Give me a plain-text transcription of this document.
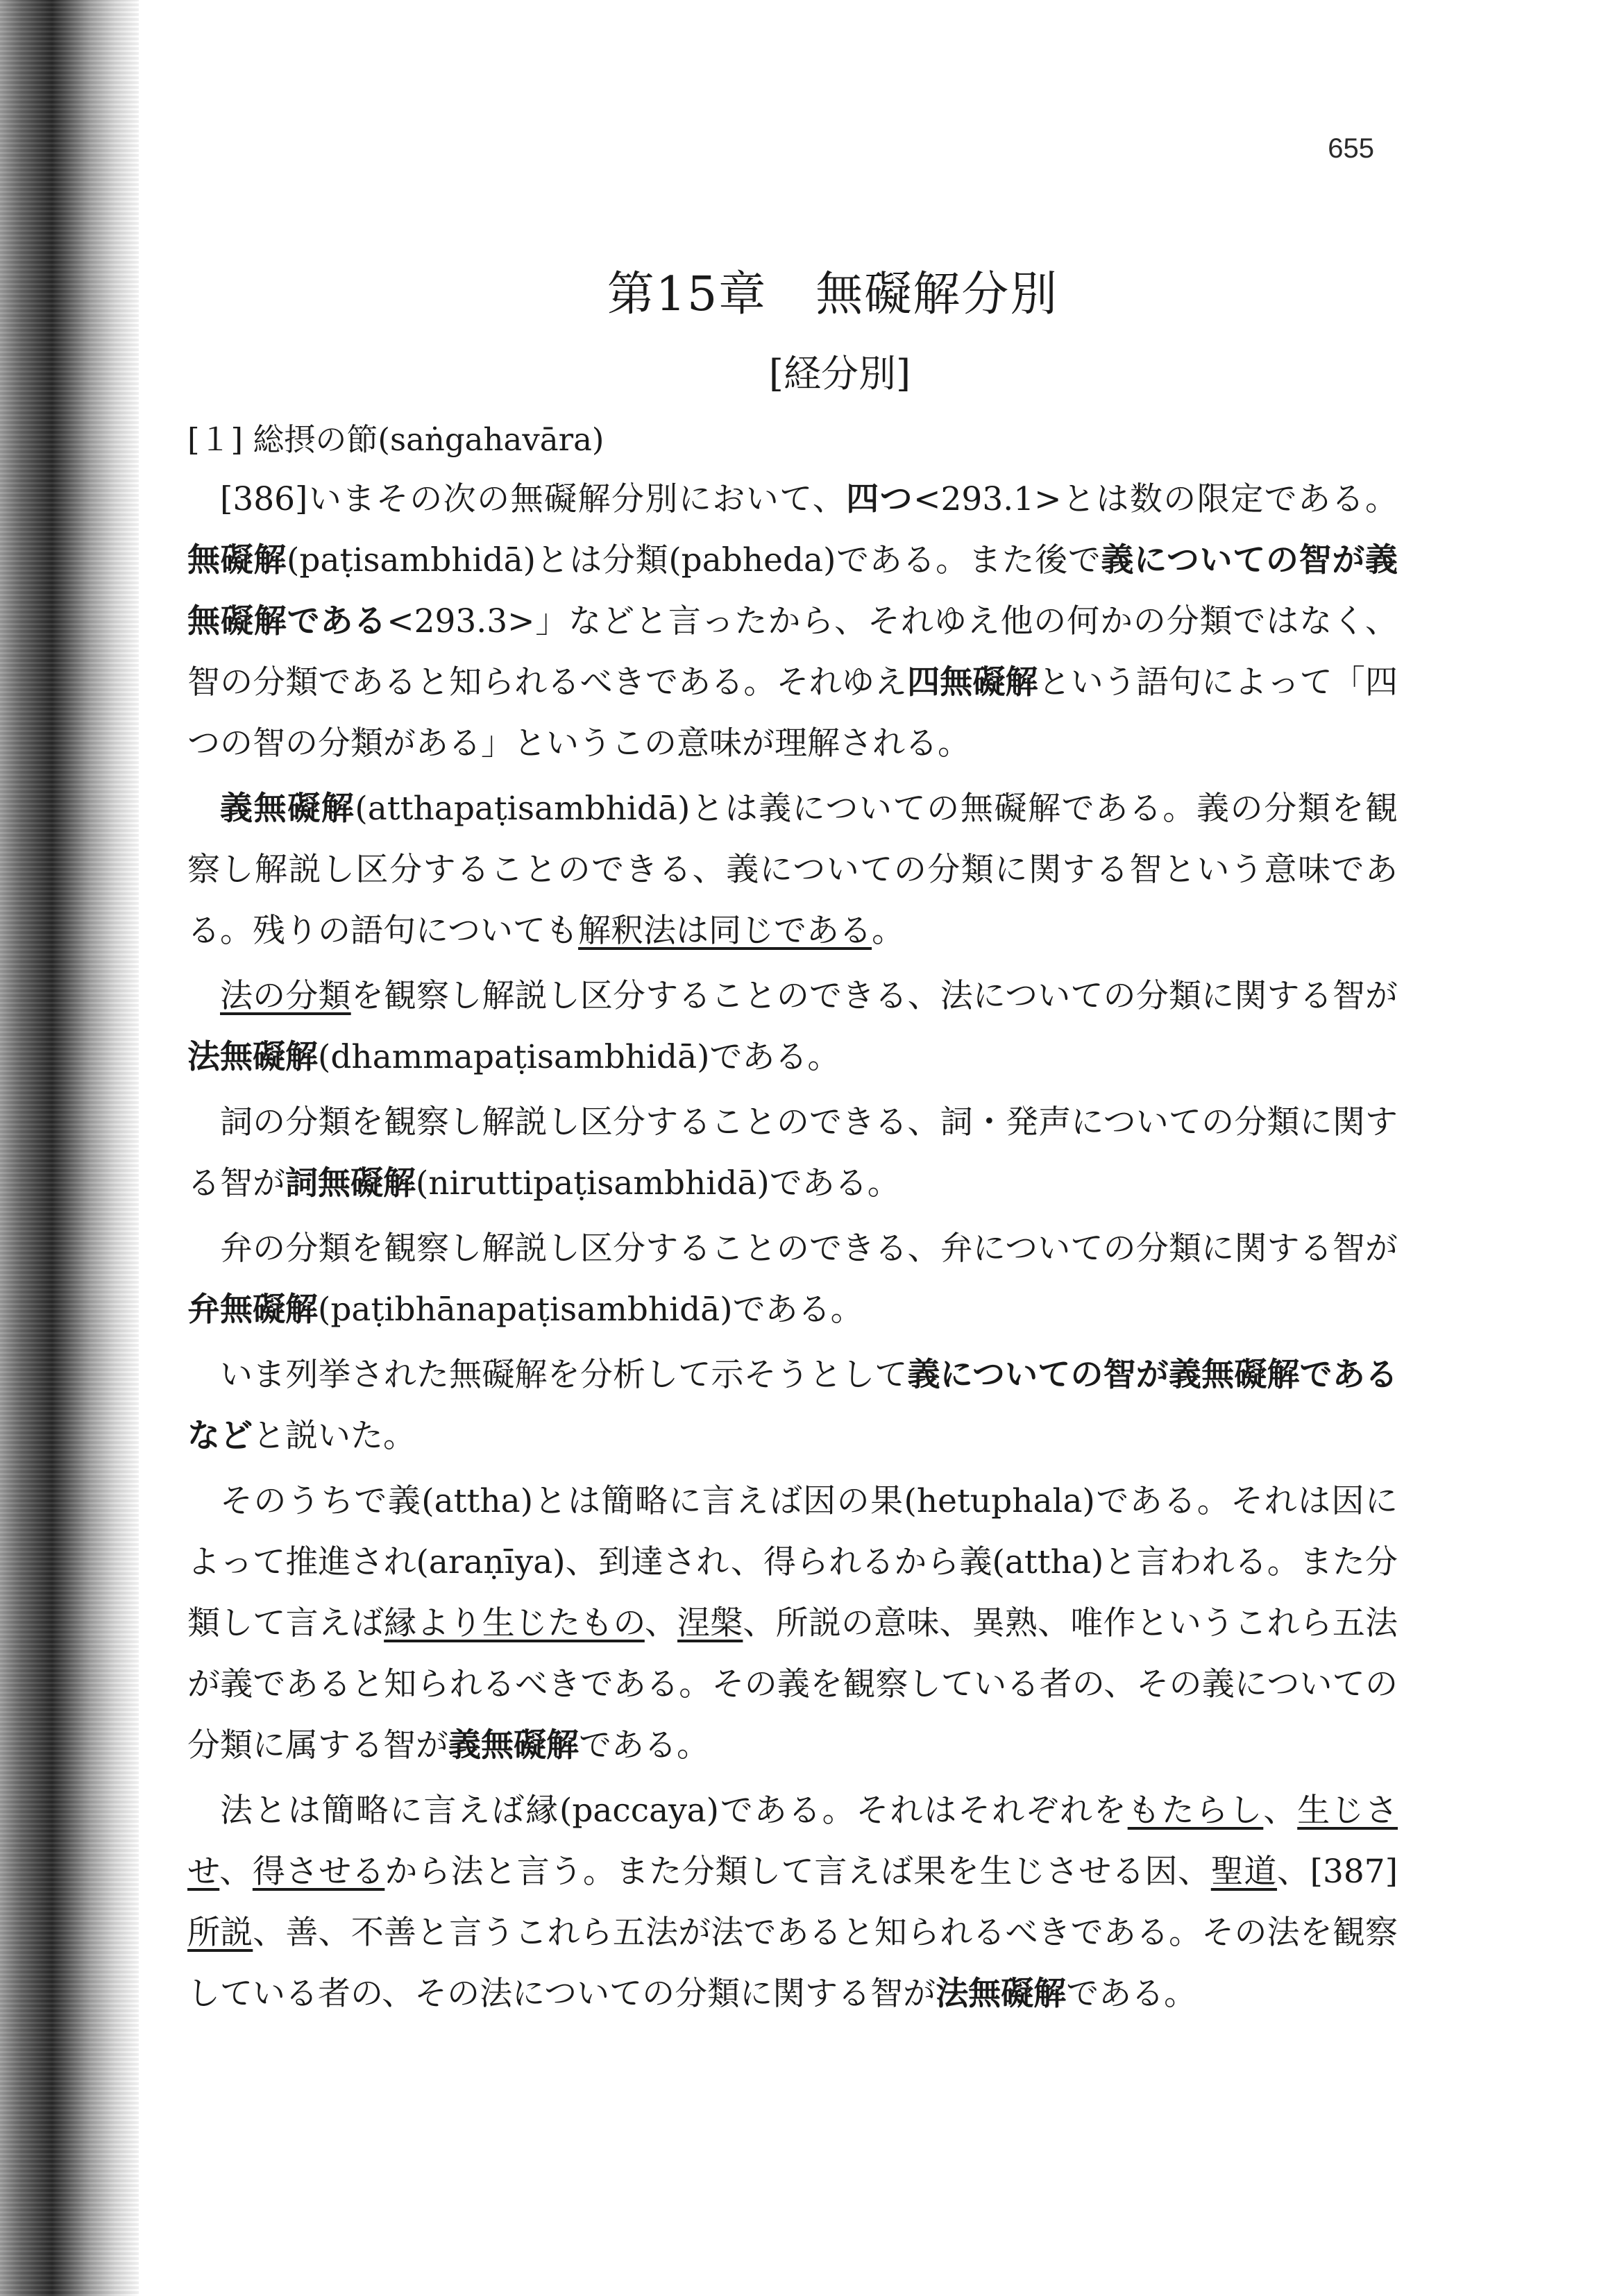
655
第15章　無礙解分別
[経分別]
[１] 総摂の節(saṅgahavāra)

[386]いまその次の無礙解分別において、四つ<293.1>とは数の限定である。無礙解(paṭisambhidā)とは分類(pabheda)である。また後で義についての智が義無礙解である<293.3>」などと言ったから、それゆえ他の何かの分類ではなく、智の分類であると知られるべきである。それゆえ四無礙解という語句によって「四つの智の分類がある」というこの意味が理解される。

義無礙解(atthapaṭisambhidā)とは義についての無礙解である。義の分類を観察し解説し区分することのできる、義についての分類に関する智という意味である。残りの語句についても解釈法は同じである。

法の分類を観察し解説し区分することのできる、法についての分類に関する智が法無礙解(dhammapaṭisambhidā)である。

詞の分類を観察し解説し区分することのできる、詞・発声についての分類に関する智が詞無礙解(niruttipaṭisambhidā)である。

弁の分類を観察し解説し区分することのできる、弁についての分類に関する智が弁無礙解(paṭibhānapaṭisambhidā)である。

いま列挙された無礙解を分析して示そうとして義についての智が義無礙解であるなどと説いた。

そのうちで義(attha)とは簡略に言えば因の果(hetuphala)である。それは因によって推進され(araṇīya)、到達され、得られるから義(attha)と言われる。また分類して言えば縁より生じたもの、涅槃、所説の意味、異熟、唯作というこれら五法が義であると知られるべきである。その義を観察している者の、その義についての分類に属する智が義無礙解である。

法とは簡略に言えば縁(paccaya)である。それはそれぞれをもたらし、生じさせ、得させるから法と言う。また分類して言えば果を生じさせる因、聖道、[387]所説、善、不善と言うこれら五法が法であると知られるべきである。その法を観察している者の、その法についての分類に関する智が法無礙解である。
